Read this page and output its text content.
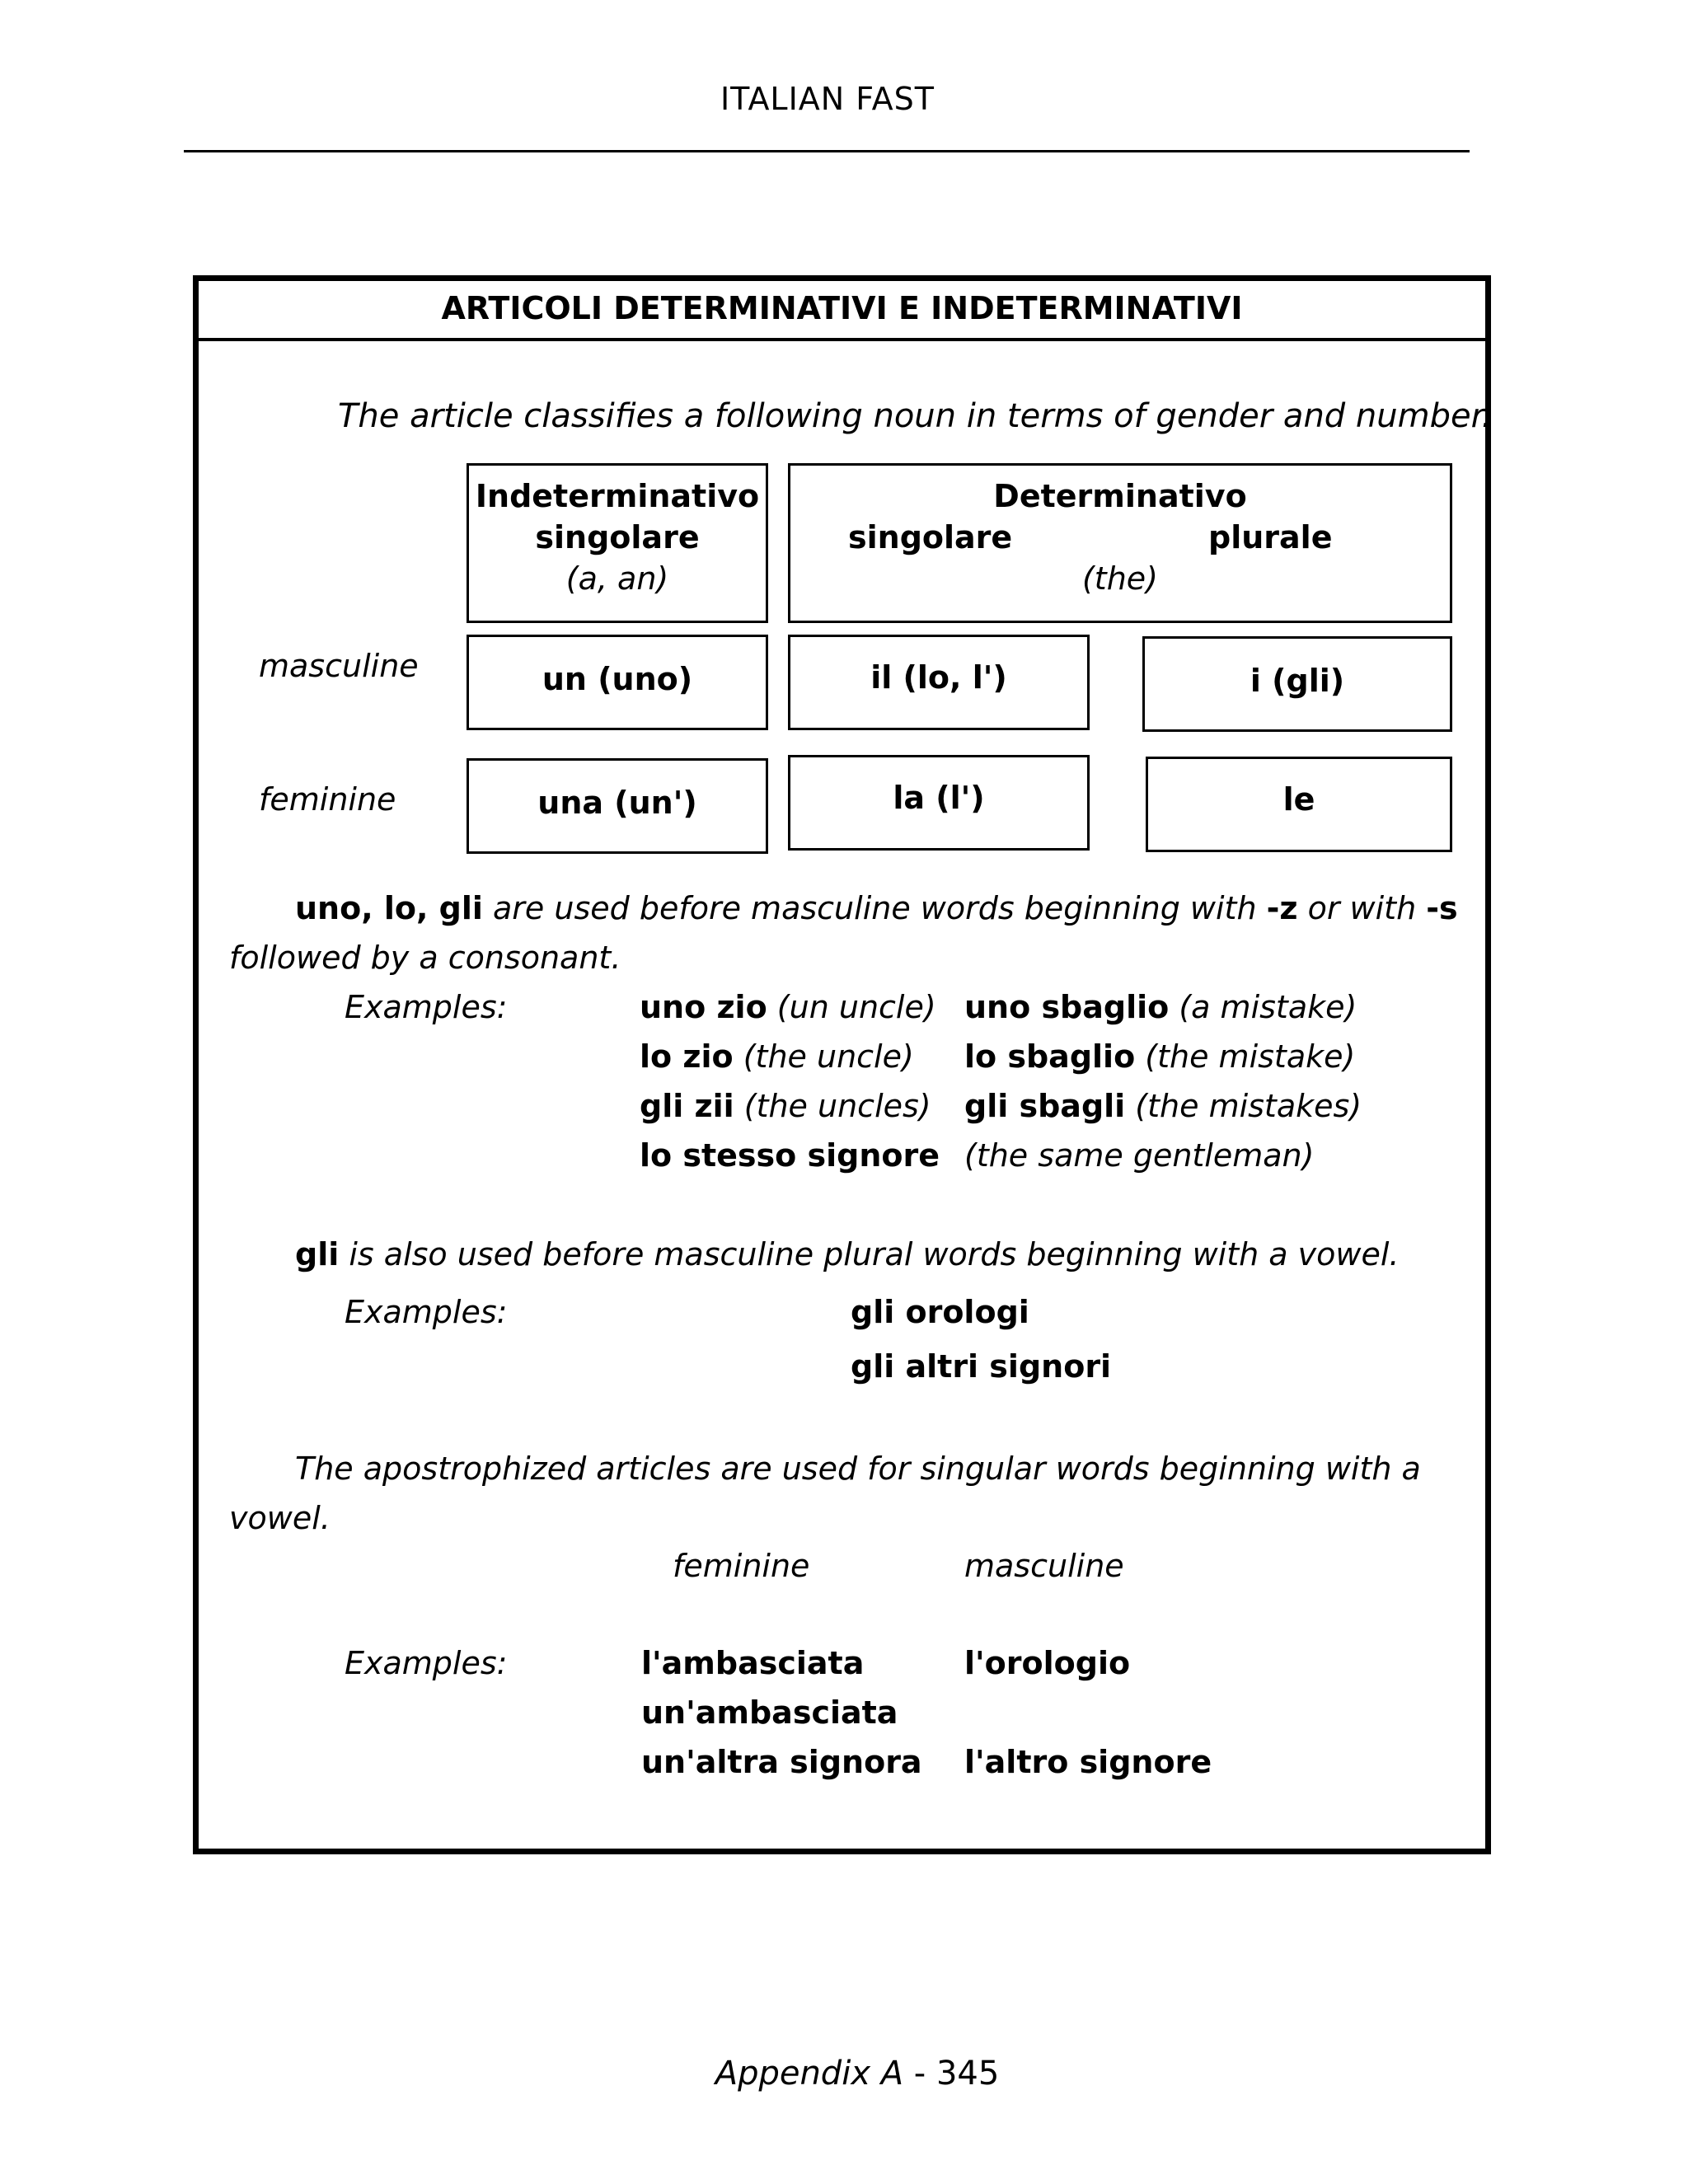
ITALIAN FAST
ARTICOLI DETERMINATIVI E INDETERMINATIVI
The article classifies a following noun in terms of gender and number.
Indeterminativo
singolare
(a, an)
Determinativo
singolare	plurale
(the)
masculine	un (uno)	il (lo, l')	i (gli)
feminine	una (un')	la (l')	le
uno, lo, gli are used before masculine words beginning with -z or with -s
followed by a consonant.
Examples:	uno zio (un uncle) uno sbaglio (a mistake)
lo zio (the uncle) lo sbaglio (the mistake)
gli zii (the uncles) gli sbagli (the mistakes)
lo stesso signore (the same gentleman)
gli is also used before masculine plural words beginning with a vowel.
Examples:	gli orologi
gli altri signori
The apostrophized articles are used for singular words beginning with a
vowel.
feminine	masculine
Examples:	l'ambasciata	l'orologio
un'ambasciata
un'altra signora l'altro signore
Appendix A - 345
